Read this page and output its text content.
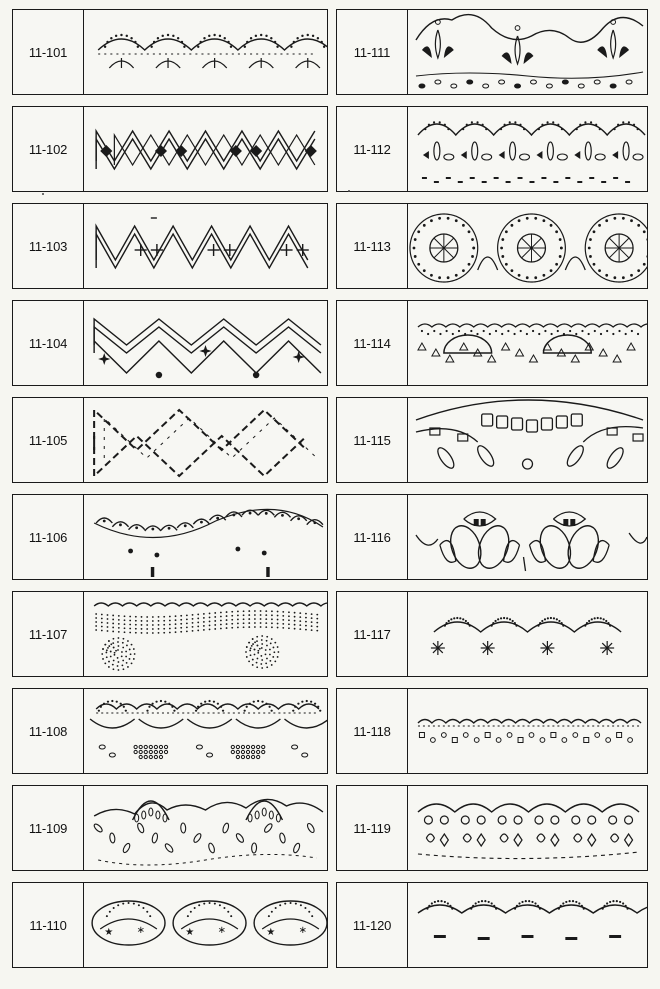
11-101
11-102
11-103
11-104
11-105
11-106
11-107
11-108
11-109
11-110
★ ∗	★ ∗	★ ∗
11-111
11-112
11-113
11-114
11-115
11-116
11-117
11-118
11-119
11-120
